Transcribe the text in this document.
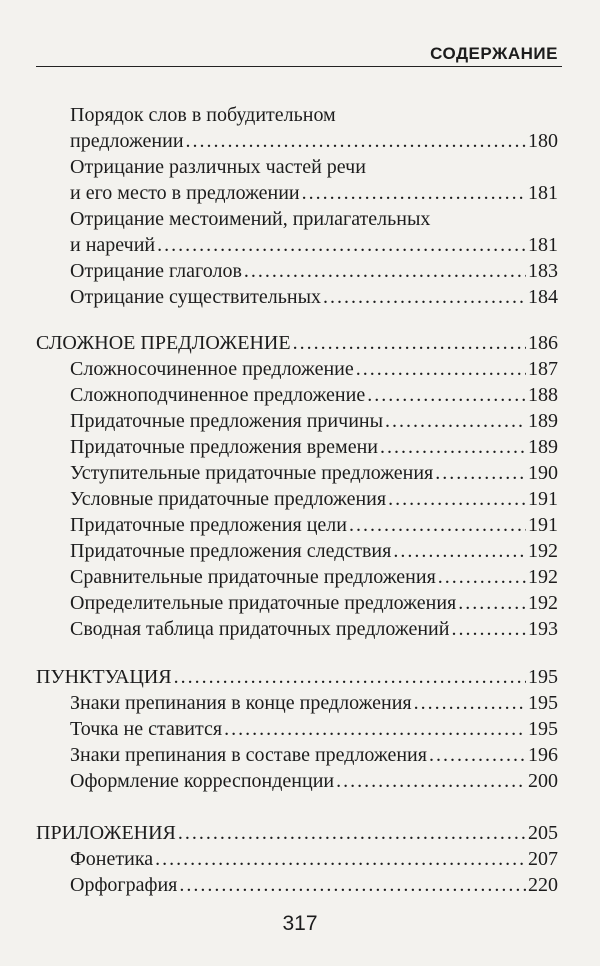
СОДЕРЖАНИЕ
Порядок слов в побудительном
предложении .....	180
Отрицание различных частей речи
и его место в предложении .....	181
Отрицание местоимений, прилагательных
и наречий .....	181
Отрицание глаголов .....	183
Отрицание существительных .....	184
СЛОЖНОЕ ПРЕДЛОЖЕНИЕ .....	186
Сложносочиненное предложение .....	187
Сложноподчиненное предложение .....	188
Придаточные предложения причины .....	189
Придаточные предложения времени .....	189
Уступительные придаточные предложения .....	190
Условные придаточные предложения .....	191
Придаточные предложения цели .....	191
Придаточные предложения следствия .....	192
Сравнительные придаточные предложения .....	192
Определительные придаточные предложения .....	192
Сводная таблица придаточных предложений .....	193
ПУНКТУАЦИЯ .....	195
Знаки препинания в конце предложения .....	195
Точка не ставится .....	195
Знаки препинания в составе предложения .....	196
Оформление корреспонденции .....	200
ПРИЛОЖЕНИЯ .....	205
Фонетика .....	207
Орфография .....	220
317
